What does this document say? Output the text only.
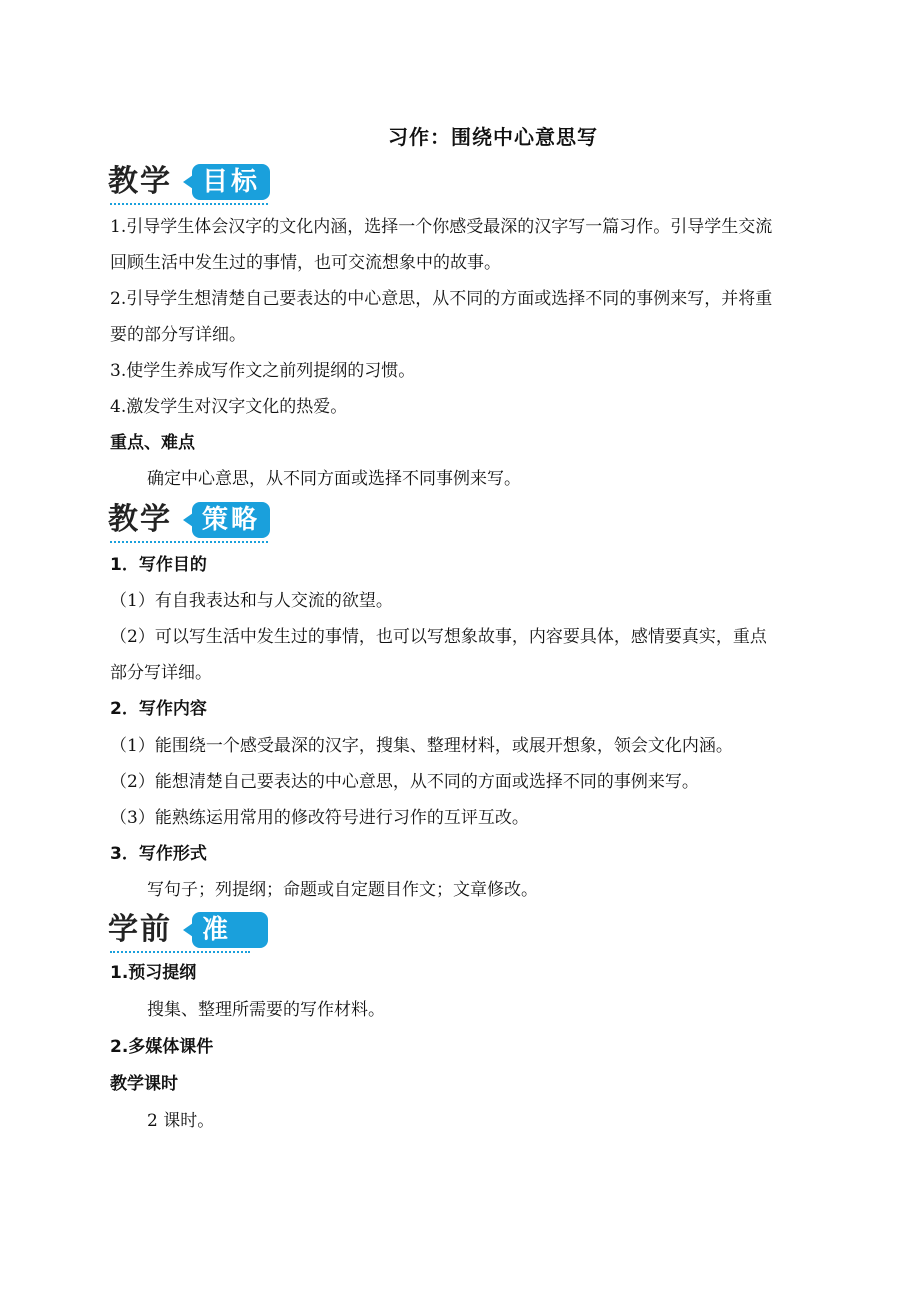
习作：围绕中心意思写
教学	目标

1.引导学生体会汉字的文化内涵，选择一个你感受最深的汉字写一篇习作。引导学生交流

回顾生活中发生过的事情，也可交流想象中的故事。

2.引导学生想清楚自己要表达的中心意思，从不同的方面或选择不同的事例来写，并将重

要的部分写详细。

3.使学生养成写作文之前列提纲的习惯。

4.激发学生对汉字文化的热爱。

重点、难点

确定中心意思，从不同方面或选择不同事例来写。

教学	策略

1．写作目的

（1）有自我表达和与人交流的欲望。

（2）可以写生活中发生过的事情，也可以写想象故事，内容要具体，感情要真实，重点

部分写详细。

2．写作内容

（1）能围绕一个感受最深的汉字，搜集、整理材料，或展开想象，领会文化内涵。

（2）能想清楚自己要表达的中心意思，从不同的方面或选择不同的事例来写。

（3）能熟练运用常用的修改符号进行习作的互评互改。

3．写作形式

写句子；列提纲；命题或自定题目作文；文章修改。

学前	准备

1.预习提纲

搜集、整理所需要的写作材料。

2.多媒体课件

教学课时

2 课时。
